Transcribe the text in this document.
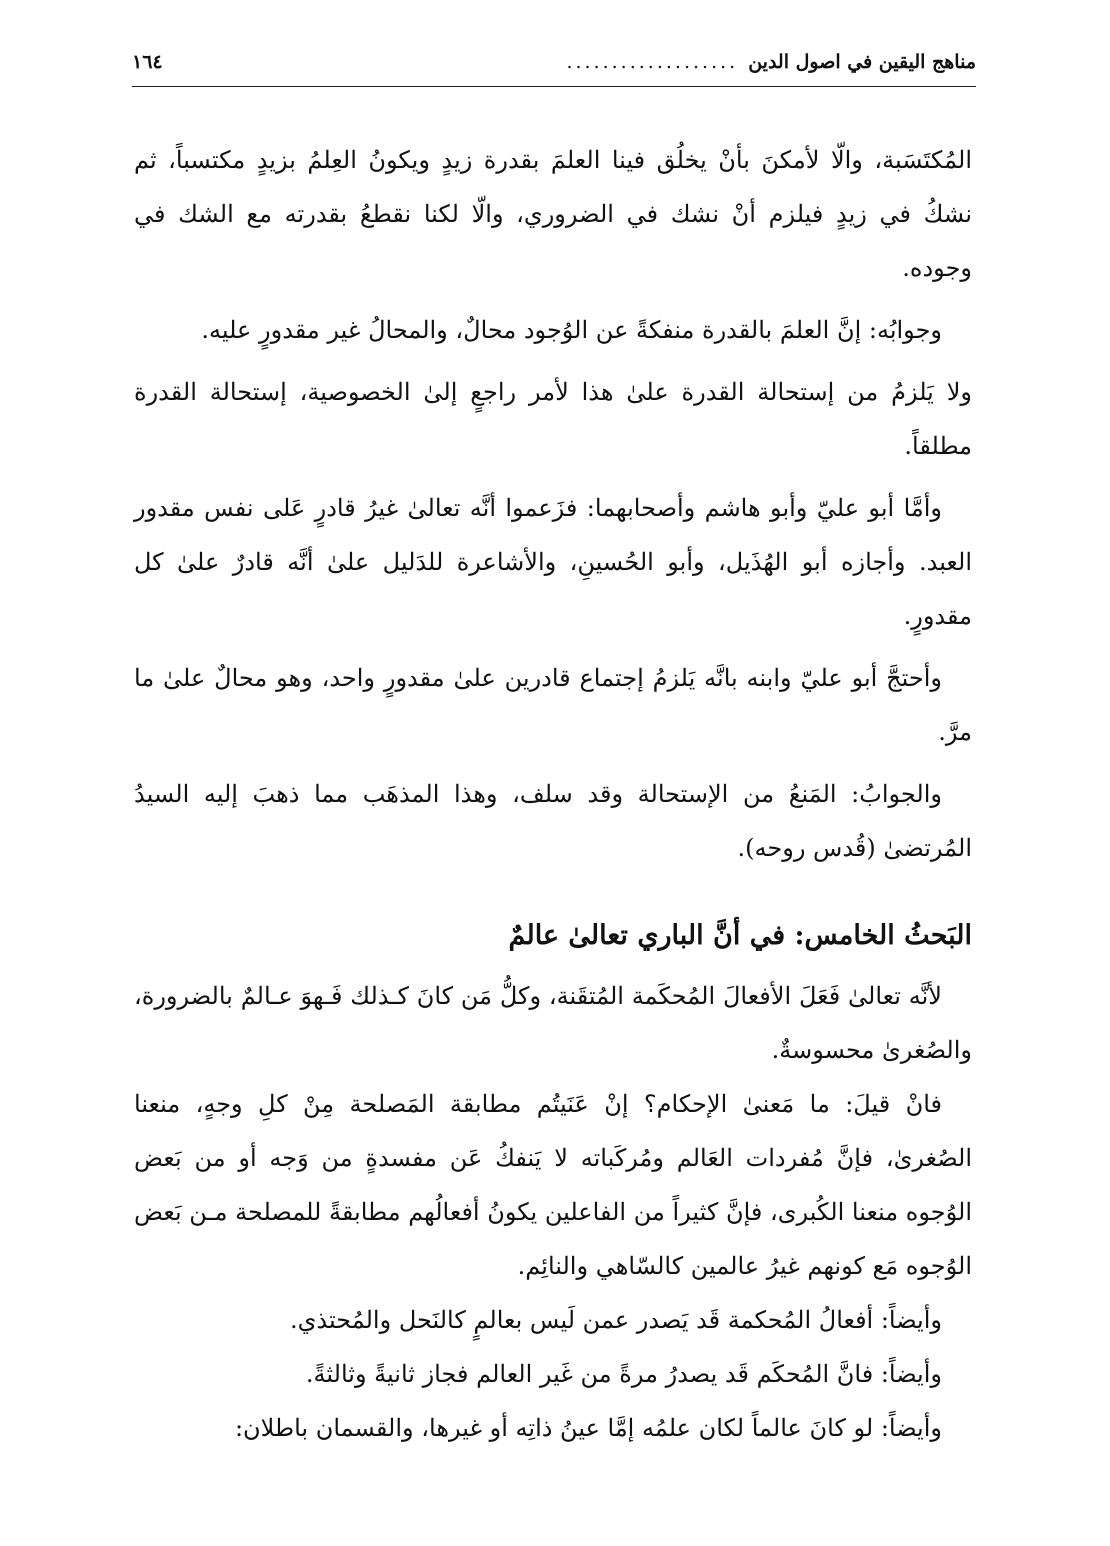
مناهج اليقين في اصول الدين
...................
١٦٤

المُكتَسَبة، والّا لأمكنَ بأنْ يخلُق فينا العلمَ بقدرة زيدٍ ويكونُ العِلمُ بزيدٍ مكتسباً، ثم نشكُ في زيدٍ فيلزم أنْ نشك في الضروري، والّا لكنا نقطعُ بقدرته مع الشك في وجوده.

وجوابُه: إنَّ العلمَ بالقدرة منفكةً عن الوُجود محالٌ، والمحالُ غير مقدورٍ عليه.

ولا يَلزمُ من إستحالة القدرة علىٰ هذا لأمر راجعٍ إلىٰ الخصوصية، إستحالة القدرة مطلقاً.

وأمَّا أبو عليّ وأبو هاشم وأصحابهما: فزَعموا أنَّه تعالىٰ غيرُ قادرٍ عَلى نفس مقدور العبد. وأجازه أبو الهُذَيل، وأبو الحُسينِ، والأشاعرة للدَليل علىٰ أنَّه قادرٌ علىٰ كل مقدورٍ.

وأحتجَّ أبو عليّ وابنه بانَّه يَلزمُ إجتماع قادرين علىٰ مقدورٍ واحد، وهو محالٌ علىٰ ما مرَّ.

والجوابُ: المَنعُ من الإستحالة وقد سلف، وهذا المذهَب مما ذهبَ إليه السيدُ المُرتضىٰ (قُدس روحه).

البَحثُ الخامس: في أنَّ الباري تعالىٰ عالمٌ

لأنَّه تعالىٰ فَعَلَ الأفعالَ المُحكَمة المُتقَنة، وكلُّ مَن كانَ كـذلك فَـهوَ عـالمٌ بالضرورة، والصُغرىٰ محسوسةٌ.

فانْ قيلَ: ما مَعنىٰ الإحكام؟ إنْ عَنَيتُم مطابقة المَصلحة مِنْ كلِ وجهٍ، منعنا الصُغرىٰ، فإنَّ مُفردات العَالم ومُركَباته لا يَنفكُ عَن مفسدةٍ من وَجه أو من بَعض الوُجوه منعنا الكُبرى، فإنَّ كثيراً من الفاعلين يكونُ أفعالُهم مطابقةً للمصلحة مـن بَعض الوُجوه مَع كونهم غيرُ عالمين كالسّاهي والنائِم.

وأيضاً: أفعالُ المُحكمة قَد يَصدر عمن لَيس بعالمٍ كالنَحل والمُحتذي.

وأيضاً: فانَّ المُحكَم قَد يصدرُ مرةً من غَير العالم فجاز ثانيةً وثالثةً.

وأيضاً: لو كانَ عالماً لكان علمُه إمَّا عينُ ذاتِه أو غيرها، والقسمان باطلان:
